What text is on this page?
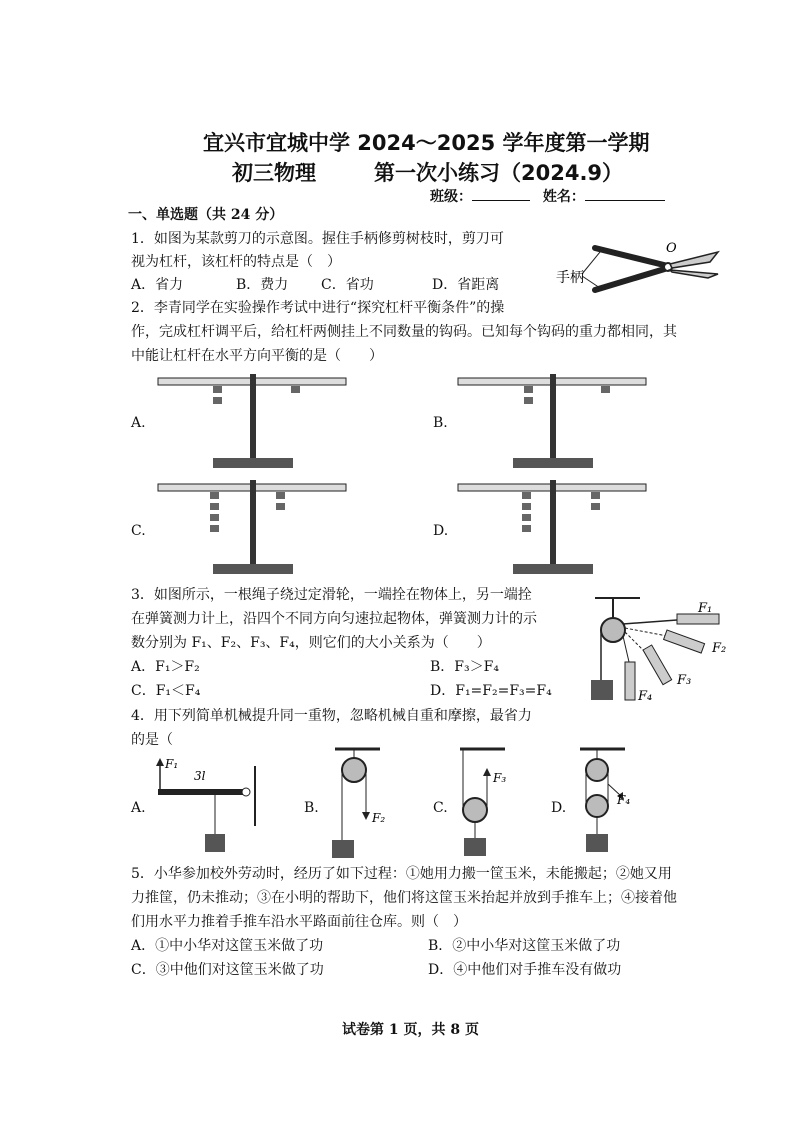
宜兴市宜城中学 2024～2025 学年度第一学期
初三物理	第一次小练习（2024.9）
班级：	姓名：
一、单选题（共 24 分）
1．如图为某款剪刀的示意图。握住手柄修剪树枝时，剪刀可
视为杠杆，该杠杆的特点是（　）
A．省力	B．费力 C．省功	D．省距离	手柄
O
2．李青同学在实验操作考试中进行“探究杠杆平衡条件”的操
作，完成杠杆调平后，给杠杆两侧挂上不同数量的钩码。已知每个钩码的重力都相同，其
中能让杠杆在水平方向平衡的是（　　）
A.	B.
C.	D.
3．如图所示，一根绳子绕过定滑轮，一端拴在物体上，另一端拴
在弹簧测力计上，沿四个不同方向匀速拉起物体，弹簧测力计的示
数分别为 F₁、F₂、F₃、F₄，则它们的大小关系为（　　）
A．F₁＞F₂	B．F₃＞F₄
C．F₁＜F₄	D．F₁=F₂=F₃=F₄
F₁
F₂
F₃
F₄
4．用下列简单机械提升同一重物，忽略机械自重和摩擦，最省力
的是（
A.	B.	C.	D.
F₁
3l
F₂
F₃
F₄
5．小华参加校外劳动时，经历了如下过程：①她用力搬一筐玉米，未能搬起；②她又用
力推筐，仍未推动；③在小明的帮助下，他们将这筐玉米抬起并放到手推车上；④接着他
们用水平力推着手推车沿水平路面前往仓库。则（　）
A．①中小华对这筐玉米做了功	B．②中小华对这筐玉米做了功
C．③中他们对这筐玉米做了功	D．④中他们对手推车没有做功
试卷第 1 页，共 8 页
